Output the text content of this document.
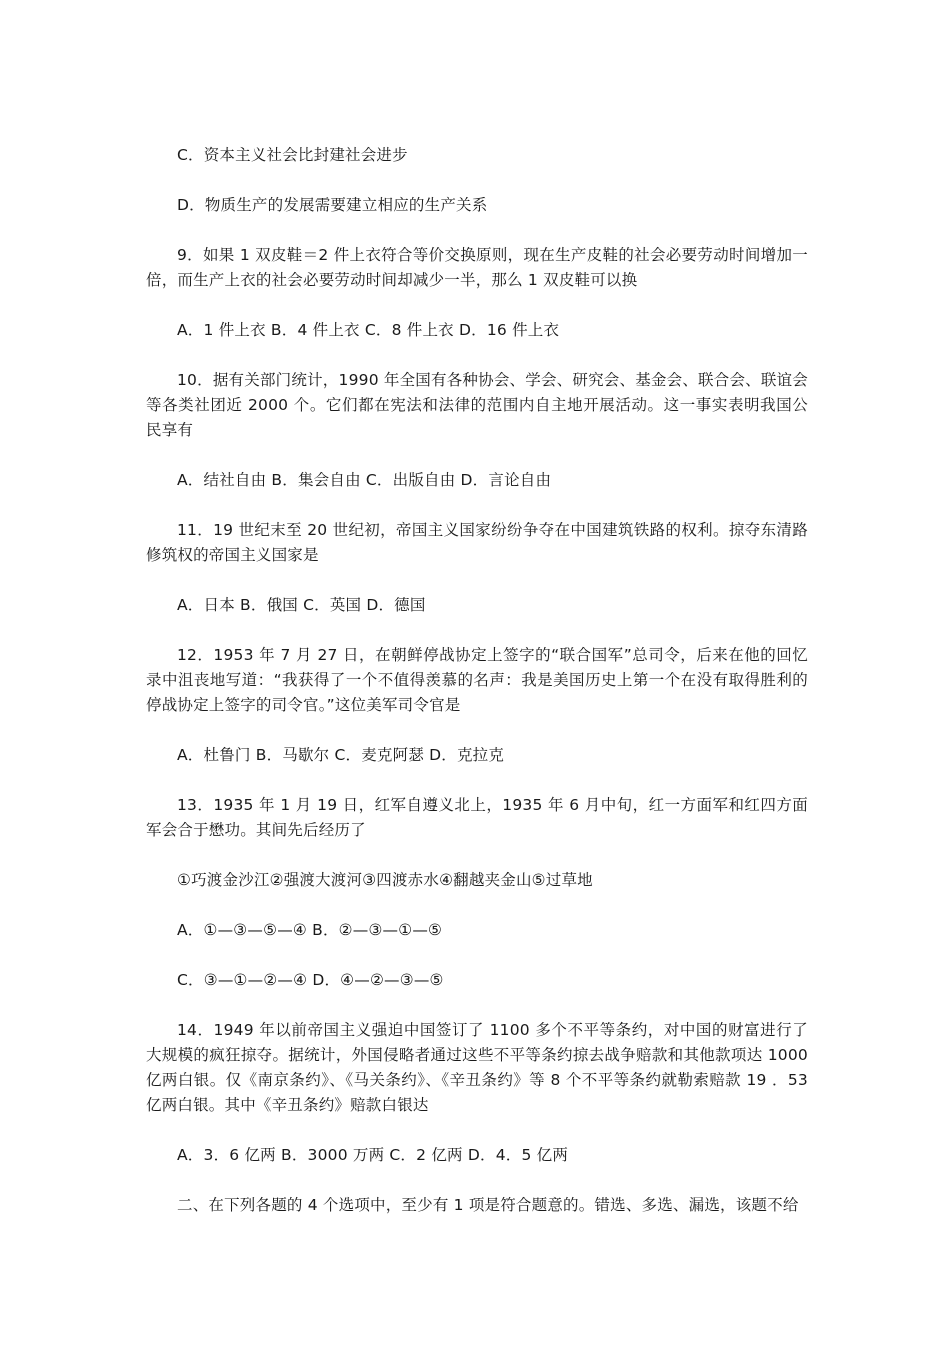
C．资本主义社会比封建社会进步

D．物质生产的发展需要建立相应的生产关系

9．如果 1 双皮鞋＝2 件上衣符合等价交换原则，现在生产皮鞋的社会必要劳动时间增加一倍，而生产上衣的社会必要劳动时间却减少一半，那么 1 双皮鞋可以换

A．1 件上衣 B．4 件上衣 C．8 件上衣 D．16 件上衣

10．据有关部门统计，1990 年全国有各种协会、学会、研究会、基金会、联合会、联谊会等各类社团近 2000 个。它们都在宪法和法律的范围内自主地开展活动。这一事实表明我国公民享有

A．结社自由 B．集会自由 C．出版自由 D．言论自由

11．19 世纪末至 20 世纪初，帝国主义国家纷纷争夺在中国建筑铁路的权利。掠夺东清路修筑权的帝国主义国家是

A．日本 B．俄国 C．英国 D．德国

12．1953 年 7 月 27 日，在朝鲜停战协定上签字的“联合国军”总司令，后来在他的回忆录中沮丧地写道：“我获得了一个不值得羡慕的名声：我是美国历史上第一个在没有取得胜利的停战协定上签字的司令官。”这位美军司令官是

A．杜鲁门 B．马歇尔 C．麦克阿瑟 D．克拉克

13．1935 年 1 月 19 日，红军自遵义北上，1935 年 6 月中旬，红一方面军和红四方面军会合于懋功。其间先后经历了

①巧渡金沙江②强渡大渡河③四渡赤水④翻越夹金山⑤过草地

A．①—③—⑤—④ B．②—③—①—⑤

C．③—①—②—④ D．④—②—③—⑤

14．1949 年以前帝国主义强迫中国签订了 1100 多个不平等条约，对中国的财富进行了大规模的疯狂掠夺。据统计，外国侵略者通过这些不平等条约掠去战争赔款和其他款项达 1000 亿两白银。仅《南京条约》、《马关条约》、《辛丑条约》等 8 个不平等条约就勒索赔款 19 ．53 亿两白银。其中《辛丑条约》赔款白银达

A．3．6 亿两 B．3000 万两 C．2 亿两 D．4．5 亿两

二、在下列各题的 4 个选项中，至少有 1 项是符合题意的。错选、多选、漏选，该题不给
